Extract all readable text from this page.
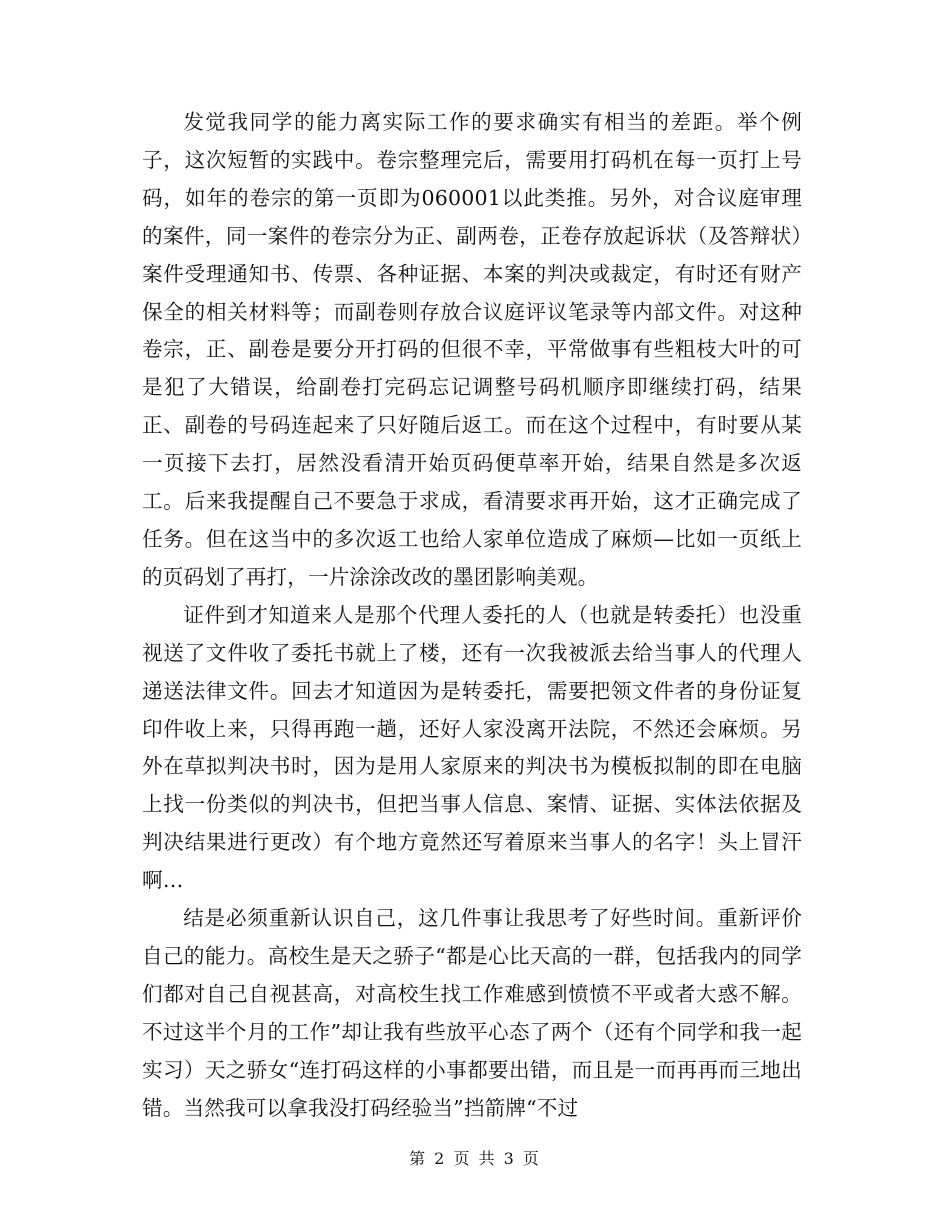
发觉我同学的能力离实际工作的要求确实有相当的差距。举个例子，这次短暂的实践中。卷宗整理完后，需要用打码机在每一页打上号码，如年的卷宗的第一页即为060001以此类推。另外，对合议庭审理的案件，同一案件的卷宗分为正、副两卷，正卷存放起诉状（及答辩状）案件受理通知书、传票、各种证据、本案的判决或裁定，有时还有财产保全的相关材料等；而副卷则存放合议庭评议笔录等内部文件。对这种卷宗，正、副卷是要分开打码的但很不幸，平常做事有些粗枝大叶的可是犯了大错误，给副卷打完码忘记调整号码机顺序即继续打码，结果正、副卷的号码连起来了只好随后返工。而在这个过程中，有时要从某一页接下去打，居然没看清开始页码便草率开始，结果自然是多次返工。后来我提醒自己不要急于求成，看清要求再开始，这才正确完成了任务。但在这当中的多次返工也给人家单位造成了麻烦—比如一页纸上的页码划了再打，一片涂涂改改的墨团影响美观。

证件到才知道来人是那个代理人委托的人（也就是转委托）也没重视送了文件收了委托书就上了楼，还有一次我被派去给当事人的代理人递送法律文件。回去才知道因为是转委托，需要把领文件者的身份证复印件收上来，只得再跑一趟，还好人家没离开法院，不然还会麻烦。另外在草拟判决书时，因为是用人家原来的判决书为模板拟制的即在电脑上找一份类似的判决书，但把当事人信息、案情、证据、实体法依据及判决结果进行更改）有个地方竟然还写着原来当事人的名字！头上冒汗啊…

结是必须重新认识自己，这几件事让我思考了好些时间。重新评价自己的能力。高校生是天之骄子“都是心比天高的一群，包括我内的同学们都对自己自视甚高，对高校生找工作难感到愤愤不平或者大惑不解。不过这半个月的工作”却让我有些放平心态了两个（还有个同学和我一起实习）天之骄女“连打码这样的小事都要出错，而且是一而再再而三地出错。当然我可以拿我没打码经验当”挡箭牌“不过

第 2 页 共 3 页
